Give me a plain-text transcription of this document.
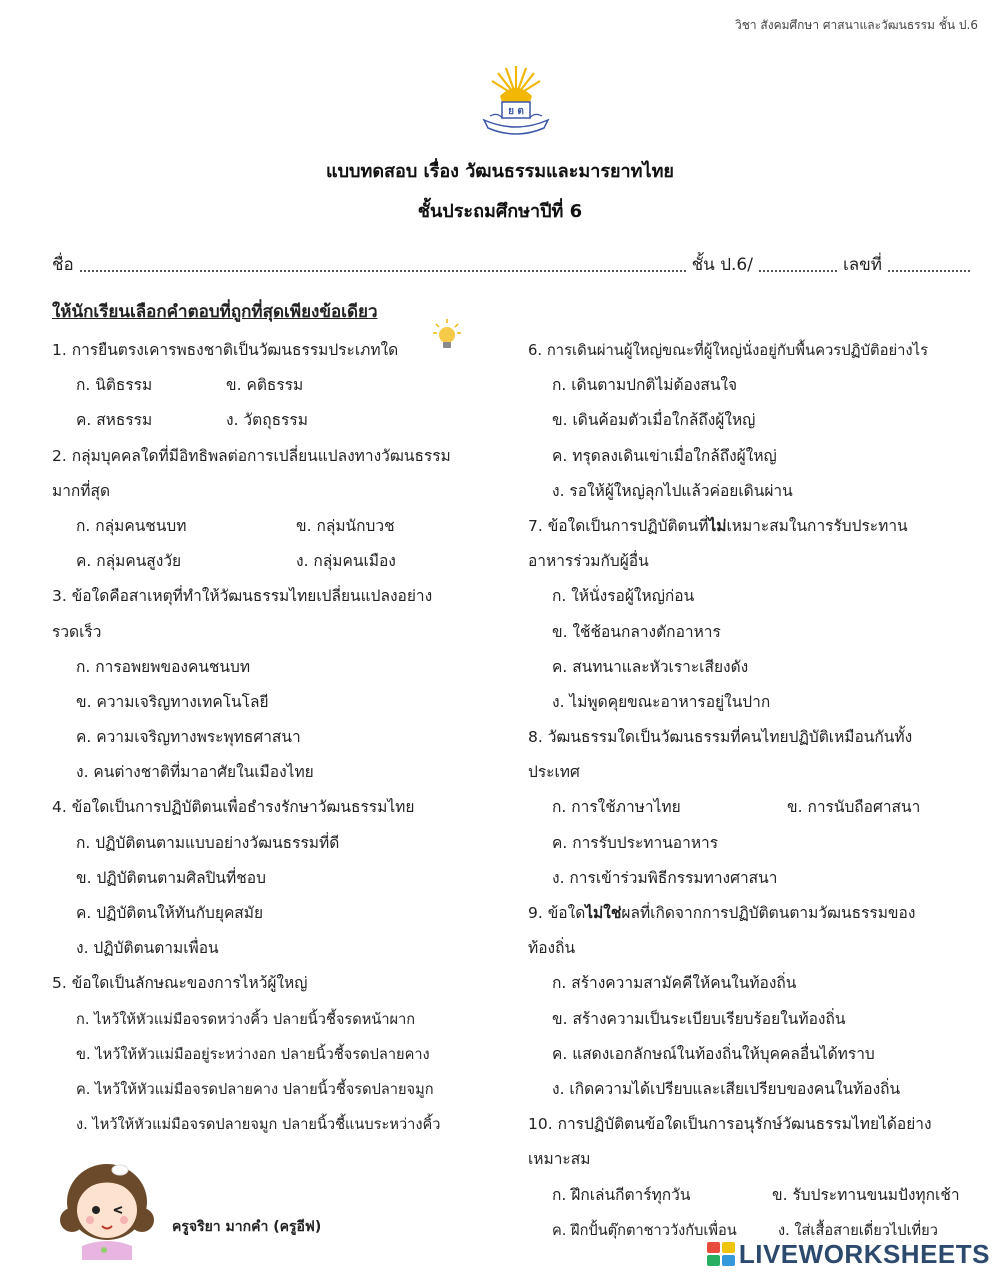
วิชา สังคมศึกษา ศาสนาและวัฒนธรรม ชั้น ป.6
ย ต
แบบทดสอบ เรื่อง วัฒนธรรมและมารยาทไทย
ชั้นประถมศึกษาปีที่ 6
ชื่อ	ชั้น ป.6/	เลขที่
ให้นักเรียนเลือกคำตอบที่ถูกที่สุดเพียงข้อเดียว
1. การยืนตรงเคารพธงชาติเป็นวัฒนธรรมประเภทใด
ก. นิติธรรม	ข. คติธรรม
ค. สหธรรม	ง. วัตถุธรรม
2. กลุ่มบุคคลใดที่มีอิทธิพลต่อการเปลี่ยนแปลงทางวัฒนธรรม
มากที่สุด
ก. กลุ่มคนชนบท	ข. กลุ่มนักบวช
ค. กลุ่มคนสูงวัย	ง. กลุ่มคนเมือง
3. ข้อใดคือสาเหตุที่ทำให้วัฒนธรรมไทยเปลี่ยนแปลงอย่าง
รวดเร็ว
ก. การอพยพของคนชนบท
ข. ความเจริญทางเทคโนโลยี
ค. ความเจริญทางพระพุทธศาสนา
ง. คนต่างชาติที่มาอาศัยในเมืองไทย
4. ข้อใดเป็นการปฏิบัติตนเพื่อธำรงรักษาวัฒนธรรมไทย
ก. ปฏิบัติตนตามแบบอย่างวัฒนธรรมที่ดี
ข. ปฏิบัติตนตามศิลปินที่ชอบ
ค. ปฏิบัติตนให้ทันกับยุคสมัย
ง. ปฏิบัติตนตามเพื่อน
5. ข้อใดเป็นลักษณะของการไหว้ผู้ใหญ่
ก. ไหว้ให้หัวแม่มือจรดหว่างคิ้ว ปลายนิ้วชี้จรดหน้าผาก
ข. ไหว้ให้หัวแม่มืออยู่ระหว่างอก ปลายนิ้วชี้จรดปลายคาง
ค. ไหว้ให้หัวแม่มือจรดปลายคาง ปลายนิ้วชี้จรดปลายจมูก
ง. ไหว้ให้หัวแม่มือจรดปลายจมูก ปลายนิ้วชี้แนบระหว่างคิ้ว
6. การเดินผ่านผู้ใหญ่ขณะที่ผู้ใหญ่นั่งอยู่กับพื้นควรปฏิบัติอย่างไร
ก. เดินตามปกติไม่ต้องสนใจ
ข. เดินค้อมตัวเมื่อใกล้ถึงผู้ใหญ่
ค. ทรุดลงเดินเข่าเมื่อใกล้ถึงผู้ใหญ่
ง. รอให้ผู้ใหญ่ลุกไปแล้วค่อยเดินผ่าน
7. ข้อใดเป็นการปฏิบัติตนที่ไม่เหมาะสมในการรับประทาน
อาหารร่วมกับผู้อื่น
ก. ให้นั่งรอผู้ใหญ่ก่อน
ข. ใช้ช้อนกลางตักอาหาร
ค. สนทนาและหัวเราะเสียงดัง
ง. ไม่พูดคุยขณะอาหารอยู่ในปาก
8. วัฒนธรรมใดเป็นวัฒนธรรมที่คนไทยปฏิบัติเหมือนกันทั้ง
ประเทศ
ก. การใช้ภาษาไทย	ข. การนับถือศาสนา
ค. การรับประทานอาหาร
ง. การเข้าร่วมพิธีกรรมทางศาสนา
9. ข้อใดไม่ใช่ผลที่เกิดจากการปฏิบัติตนตามวัฒนธรรมของ
ท้องถิ่น
ก. สร้างความสามัคคีให้คนในท้องถิ่น
ข. สร้างความเป็นระเบียบเรียบร้อยในท้องถิ่น
ค. แสดงเอกลักษณ์ในท้องถิ่นให้บุคคลอื่นได้ทราบ
ง. เกิดความได้เปรียบและเสียเปรียบของคนในท้องถิ่น
10. การปฏิบัติตนข้อใดเป็นการอนุรักษ์วัฒนธรรมไทยได้อย่าง
เหมาะสม
ก. ฝึกเล่นกีตาร์ทุกวัน	ข. รับประทานขนมปังทุกเช้า
ค. ฝึกปั้นตุ๊กตาชาววังกับเพื่อน	ง. ใส่เสื้อสายเดี่ยวไปเที่ยว
ครูจริยา มากคำ (ครูอีฟ)
LIVEWORKSHEETS
